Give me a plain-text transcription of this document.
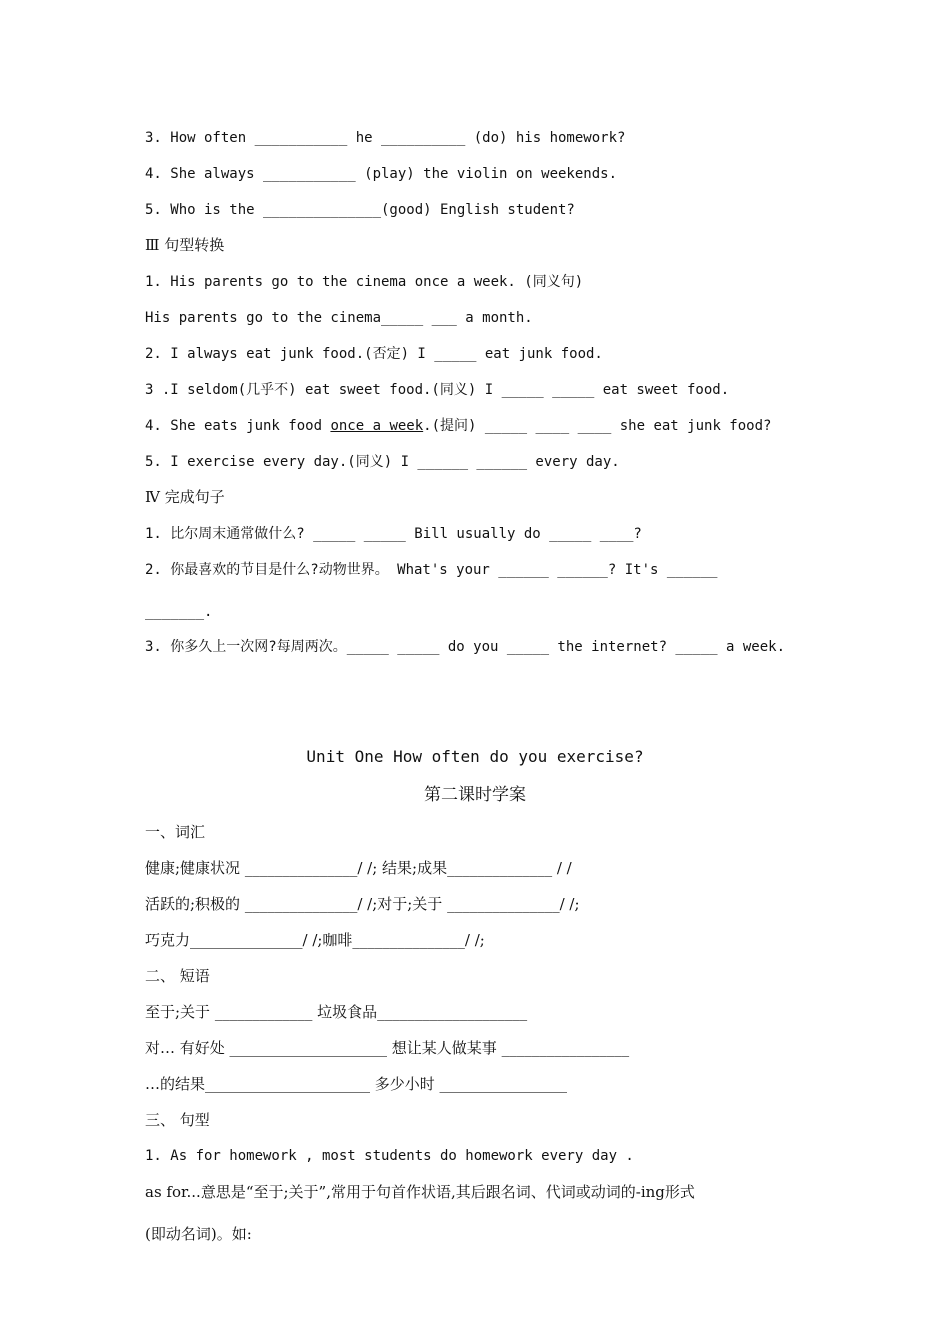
3. How often ___________ he __________ (do) his homework?
4. She always ___________ (play) the violin on weekends.
5. Who is the ______________(good) English student?
Ⅲ 句型转换
1. His parents go to the cinema once a week. (同义句)
His parents go to the cinema_____ ___ a month.
2. I always eat junk food.(否定) I _____ eat junk food.
3 .I seldom(几乎不) eat sweet food.(同义) I _____ _____ eat sweet food.
4. She eats junk food once a week.(提问) _____ ____ ____ she eat junk food?
5. I exercise every day.(同义) I ______ ______ every day.
Ⅳ 完成句子
1. 比尔周末通常做什么? _____ _____ Bill usually do _____ ____?
2. 你最喜欢的节目是什么?动物世界。 What's your ______ ______? It's ______
_______.
3. 你多久上一次网?每周两次。_____ _____ do you _____ the internet? _____ a week.
Unit One How often do you exercise?
第二课时学案
一、词汇
健康;健康状况 _______________/ /; 结果;成果______________ / /
活跃的;积极的 _______________/ /;对于;关于 _______________/ /;
巧克力_______________/ /;咖啡_______________/ /;
二、 短语
至于;关于 _____________ 垃圾食品____________________
对… 有好处 _____________________ 想让某人做某事 _________________
…的结果______________________ 多少小时 _________________
三、 句型
1. As for homework , most students do homework every day .
as for...意思是“至于;关于”,常用于句首作状语,其后跟名词、代词或动词的-ing形式
(即动名词)。如:
